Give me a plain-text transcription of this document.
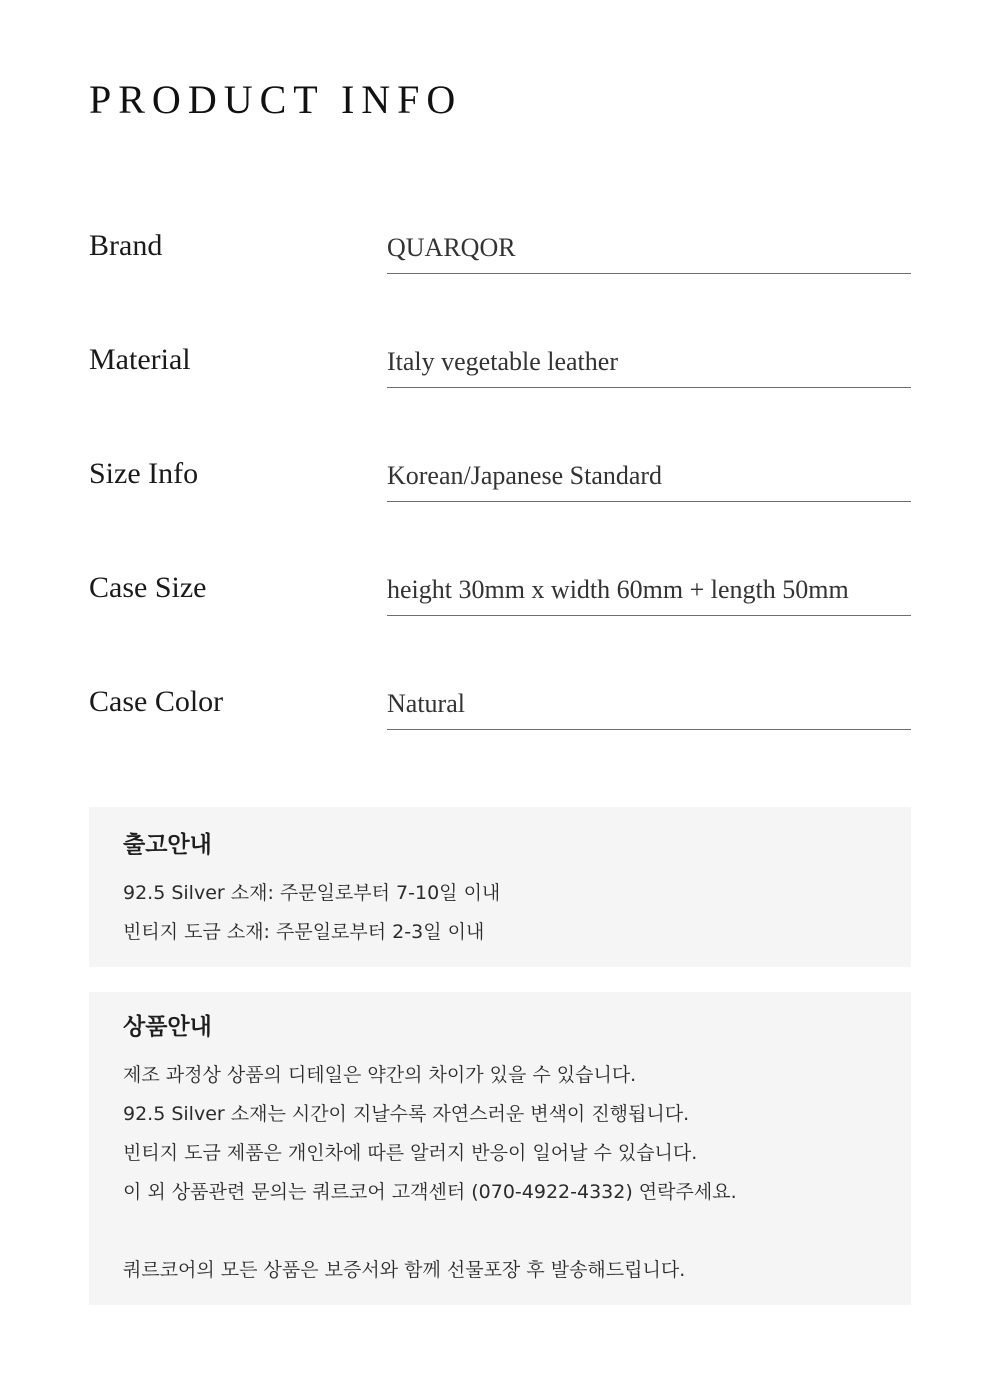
PRODUCT INFO
Brand	QUARQOR
Material	Italy vegetable leather
Size Info	Korean/Japanese Standard
Case Size	height 30mm x width 60mm + length 50mm
Case Color	Natural
출고안내
92.5 Silver 소재: 주문일로부터 7-10일 이내
빈티지 도금 소재: 주문일로부터 2-3일 이내
상품안내
제조 과정상 상품의 디테일은 약간의 차이가 있을 수 있습니다.
92.5 Silver 소재는 시간이 지날수록 자연스러운 변색이 진행됩니다.
빈티지 도금 제품은 개인차에 따른 알러지 반응이 일어날 수 있습니다.
이 외 상품관련 문의는 쿼르코어 고객센터 (070-4922-4332) 연락주세요.
쿼르코어의 모든 상품은 보증서와 함께 선물포장 후 발송해드립니다.
